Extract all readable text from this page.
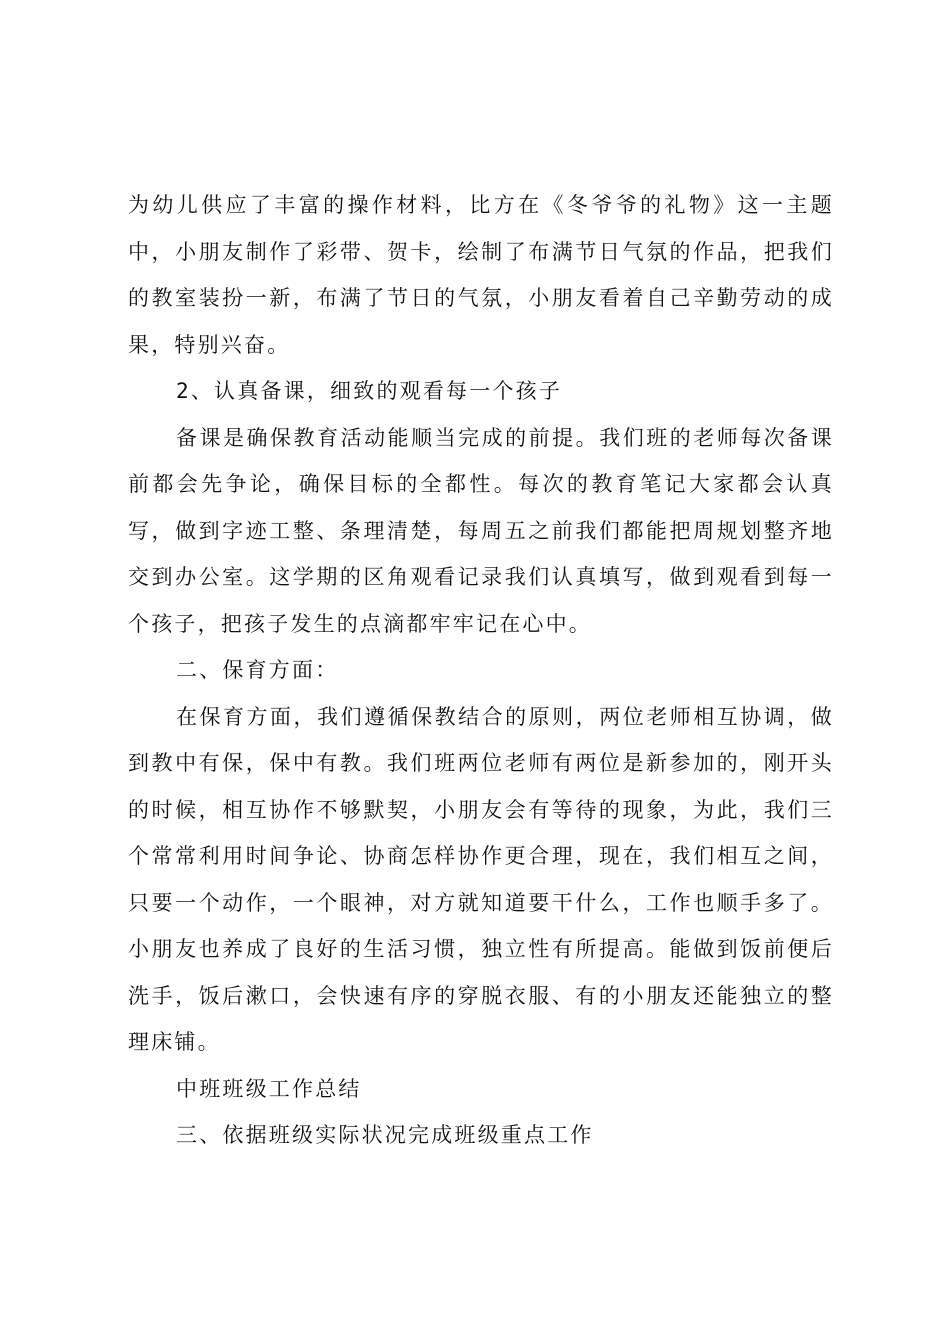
为幼儿供应了丰富的操作材料，比方在《冬爷爷的礼物》这一主题中，小朋友制作了彩带、贺卡，绘制了布满节日气氛的作品，把我们的教室装扮一新，布满了节日的气氛，小朋友看着自己辛勤劳动的成果，特别兴奋。

2、认真备课，细致的观看每一个孩子

备课是确保教育活动能顺当完成的前提。我们班的老师每次备课前都会先争论，确保目标的全都性。每次的教育笔记大家都会认真写，做到字迹工整、条理清楚，每周五之前我们都能把周规划整齐地交到办公室。这学期的区角观看记录我们认真填写，做到观看到每一个孩子，把孩子发生的点滴都牢牢记在心中。

二、保育方面：

在保育方面，我们遵循保教结合的原则，两位老师相互协调，做到教中有保，保中有教。我们班两位老师有两位是新参加的，刚开头的时候，相互协作不够默契，小朋友会有等待的现象，为此，我们三个常常利用时间争论、协商怎样协作更合理，现在，我们相互之间，只要一个动作，一个眼神，对方就知道要干什么，工作也顺手多了。小朋友也养成了良好的生活习惯，独立性有所提高。能做到饭前便后洗手，饭后漱口，会快速有序的穿脱衣服、有的小朋友还能独立的整理床铺。

中班班级工作总结

三、依据班级实际状况完成班级重点工作
